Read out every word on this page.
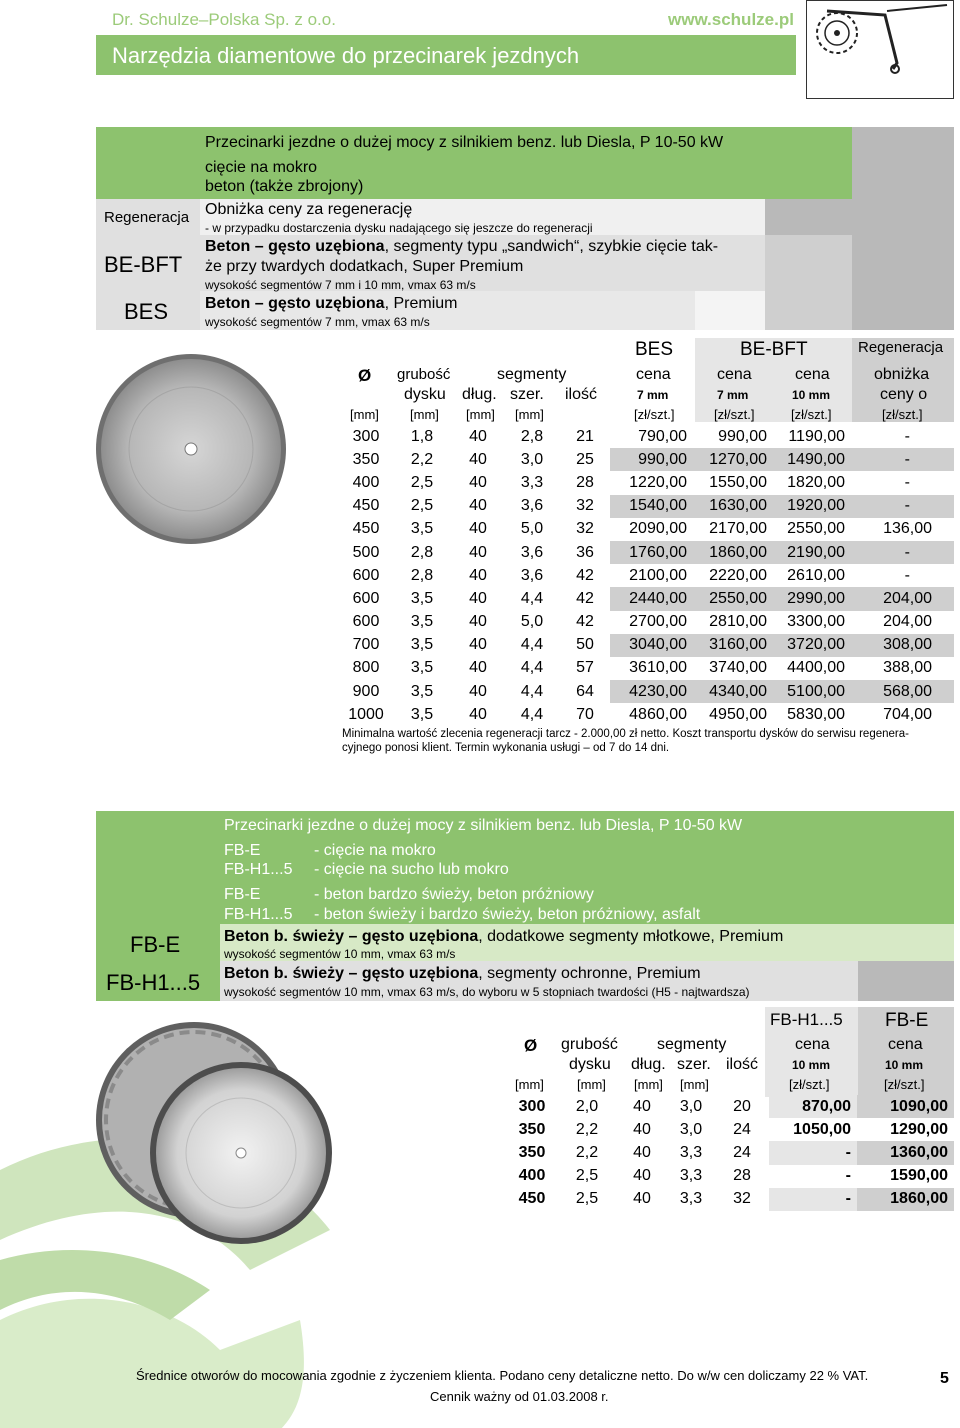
Dr. Schulze–Polska Sp. z o.o.	www.schulze.pl
Narzędzia diamentowe do przecinarek jezdnych
Przecinarki jezdne o dużej mocy z silnikiem benz. lub Diesla, P 10-50 kW
cięcie na mokro
beton (także zbrojony)
Regeneracja Obniżka ceny za regenerację
- w przypadku dostarczenia dysku nadającego się jeszcze do regeneracji
BE-BFT
Beton – gęsto uzębiona, segmenty typu „sandwich“, szybkie cięcie tak-
że przy twardych dodatkach, Super Premium
wysokość segmentów 7 mm i 10 mm, vmax 63 m/s
BES Beton – gęsto uzębiona, Premium
wysokość segmentów 7 mm, vmax 63 m/s
BES	BE-BFT	Regeneracja
Ø grubość
dysku
segmenty
dług. szer. ilość
cena	cena	cena	obniżka
7 mm	7 mm	10 mm	ceny o
[mm] [mm] [mm] [mm]	[zł/szt.]	[zł/szt.]	[zł/szt.]	[zł/szt.]
300	1,8	40	2,8	21	790,00	990,00	1190,00	-
350	2,2	40	3,0	25	990,00	1270,00	1490,00	-
400	2,5	40	3,3	28	1220,00	1550,00	1820,00	-
450	2,5	40	3,6	32	1540,00	1630,00	1920,00	-
450	3,5	40	5,0	32	2090,00	2170,00	2550,00	136,00
500	2,8	40	3,6	36	1760,00	1860,00	2190,00	-
600	2,8	40	3,6	42	2100,00	2220,00	2610,00	-
600	3,5	40	4,4	42	2440,00	2550,00	2990,00	204,00
600	3,5	40	5,0	42	2700,00	2810,00	3300,00	204,00
700	3,5	40	4,4	50	3040,00	3160,00	3720,00	308,00
800	3,5	40	4,4	57	3610,00	3740,00	4400,00	388,00
900	3,5	40	4,4	64	4230,00	4340,00	5100,00	568,00
1000	3,5	40	4,4	70	4860,00	4950,00	5830,00	704,00
Minimalna wartość zlecenia regeneracji tarcz - 2.000,00 zł netto. Koszt transportu dysków do serwisu regenera-
cyjnego ponosi klient. Termin wykonania usługi – od 7 do 14 dni.
Przecinarki jezdne o dużej mocy z silnikiem benz. lub Diesla, P 10-50 kW
FB-E	- cięcie na mokro
FB-H1...5 - cięcie na sucho lub mokro
FB-E	- beton bardzo świeży, beton próżniowy
FB-H1...5 - beton świeży i bardzo świeży, beton próżniowy, asfalt
FB-E	Beton b. świeży – gęsto uzębiona, dodatkowe segmenty młotkowe, Premium
wysokość segmentów 10 mm, vmax 63 m/s
FB-H1...5 Beton b. świeży – gęsto uzębiona, segmenty ochronne, Premium
wysokość segmentów 10 mm, vmax 63 m/s, do wyboru w 5 stopniach twardości (H5 - najtwardsza)
FB-H1...5 FB-E
Ø grubość
dysku
segmenty
dług. szer. ilość
cena	cena
10 mm	10 mm
[mm]	[mm] [mm] [mm]	[zł/szt.]	[zł/szt.]
300	2,0	40	3,0	20	870,00	1090,00
350	2,2	40	3,0	24	1050,00	1290,00
350	2,2	40	3,3	24	-	1360,00
400	2,5	40	3,3	28	-	1590,00
450	2,5	40	3,3	32	-	1860,00
Średnice otworów do mocowania zgodnie z życzeniem klienta. Podano ceny detaliczne netto. Do w/w cen doliczamy 22 % VAT.	5
Cennik ważny od 01.03.2008 r.
